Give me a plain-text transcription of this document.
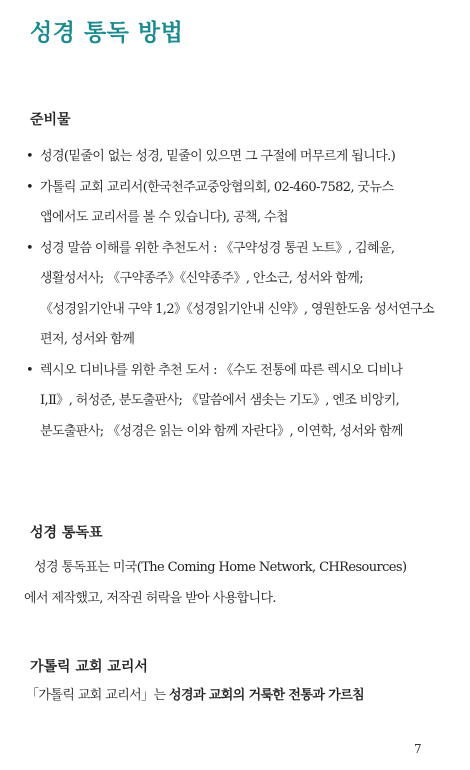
성경 통독 방법
준비물
• 성경(밑줄이 없는 성경, 밑줄이 있으면 그 구절에 머무르게 됩니다.)
• 가톨릭 교회 교리서(한국천주교중앙협의회, 02-460-7582, 굿뉴스 앱에서도 교리서를 볼 수 있습니다), 공책, 수첩
• 성경 말씀 이해를 위한 추천도서 : 《구약성경 통권 노트》, 김혜윤, 생활성서사; 《구약종주》《신약종주》, 안소근, 성서와 함께; 《성경읽기안내 구약 1,2》《성경읽기안내 신약》, 영원한도움 성서연구소 편저, 성서와 함께
• 렉시오 디비나를 위한 추천 도서 : 《수도 전통에 따른 렉시오 디비나 Ⅰ,Ⅱ》, 허성준, 분도출판사; 《말씀에서 샘솟는 기도》, 엔조 비앙키, 분도출판사; 《성경은 읽는 이와 함께 자란다》, 이연학, 성서와 함께
성경 통독표

성경 통독표는 미국(The Coming Home Network, CHResources)
에서 제작했고, 저작권 허락을 받아 사용합니다.

가톨릭 교회 교리서

「가톨릭 교회 교리서」는 성경과 교회의 거룩한 전통과 가르침

7
